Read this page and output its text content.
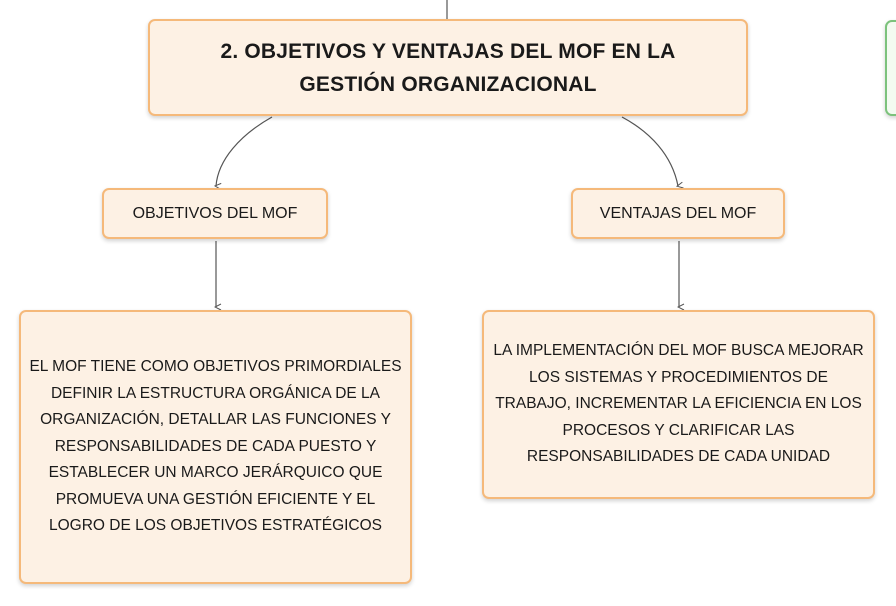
2. OBJETIVOS Y VENTAJAS DEL MOF EN LA GESTIÓN ORGANIZACIONAL
OBJETIVOS DEL MOF	VENTAJAS DEL MOF
EL MOF TIENE COMO OBJETIVOS PRIMORDIALES DEFINIR LA ESTRUCTURA ORGÁNICA DE LA ORGANIZACIÓN, DETALLAR LAS FUNCIONES Y RESPONSABILIDADES DE CADA PUESTO Y ESTABLECER UN MARCO JERÁRQUICO QUE PROMUEVA UNA GESTIÓN EFICIENTE Y EL LOGRO DE LOS OBJETIVOS ESTRATÉGICOS
LA IMPLEMENTACIÓN DEL MOF BUSCA MEJORAR LOS SISTEMAS Y PROCEDIMIENTOS DE TRABAJO, INCREMENTAR LA EFICIENCIA EN LOS PROCESOS Y CLARIFICAR LAS RESPONSABILIDADES DE CADA UNIDAD
